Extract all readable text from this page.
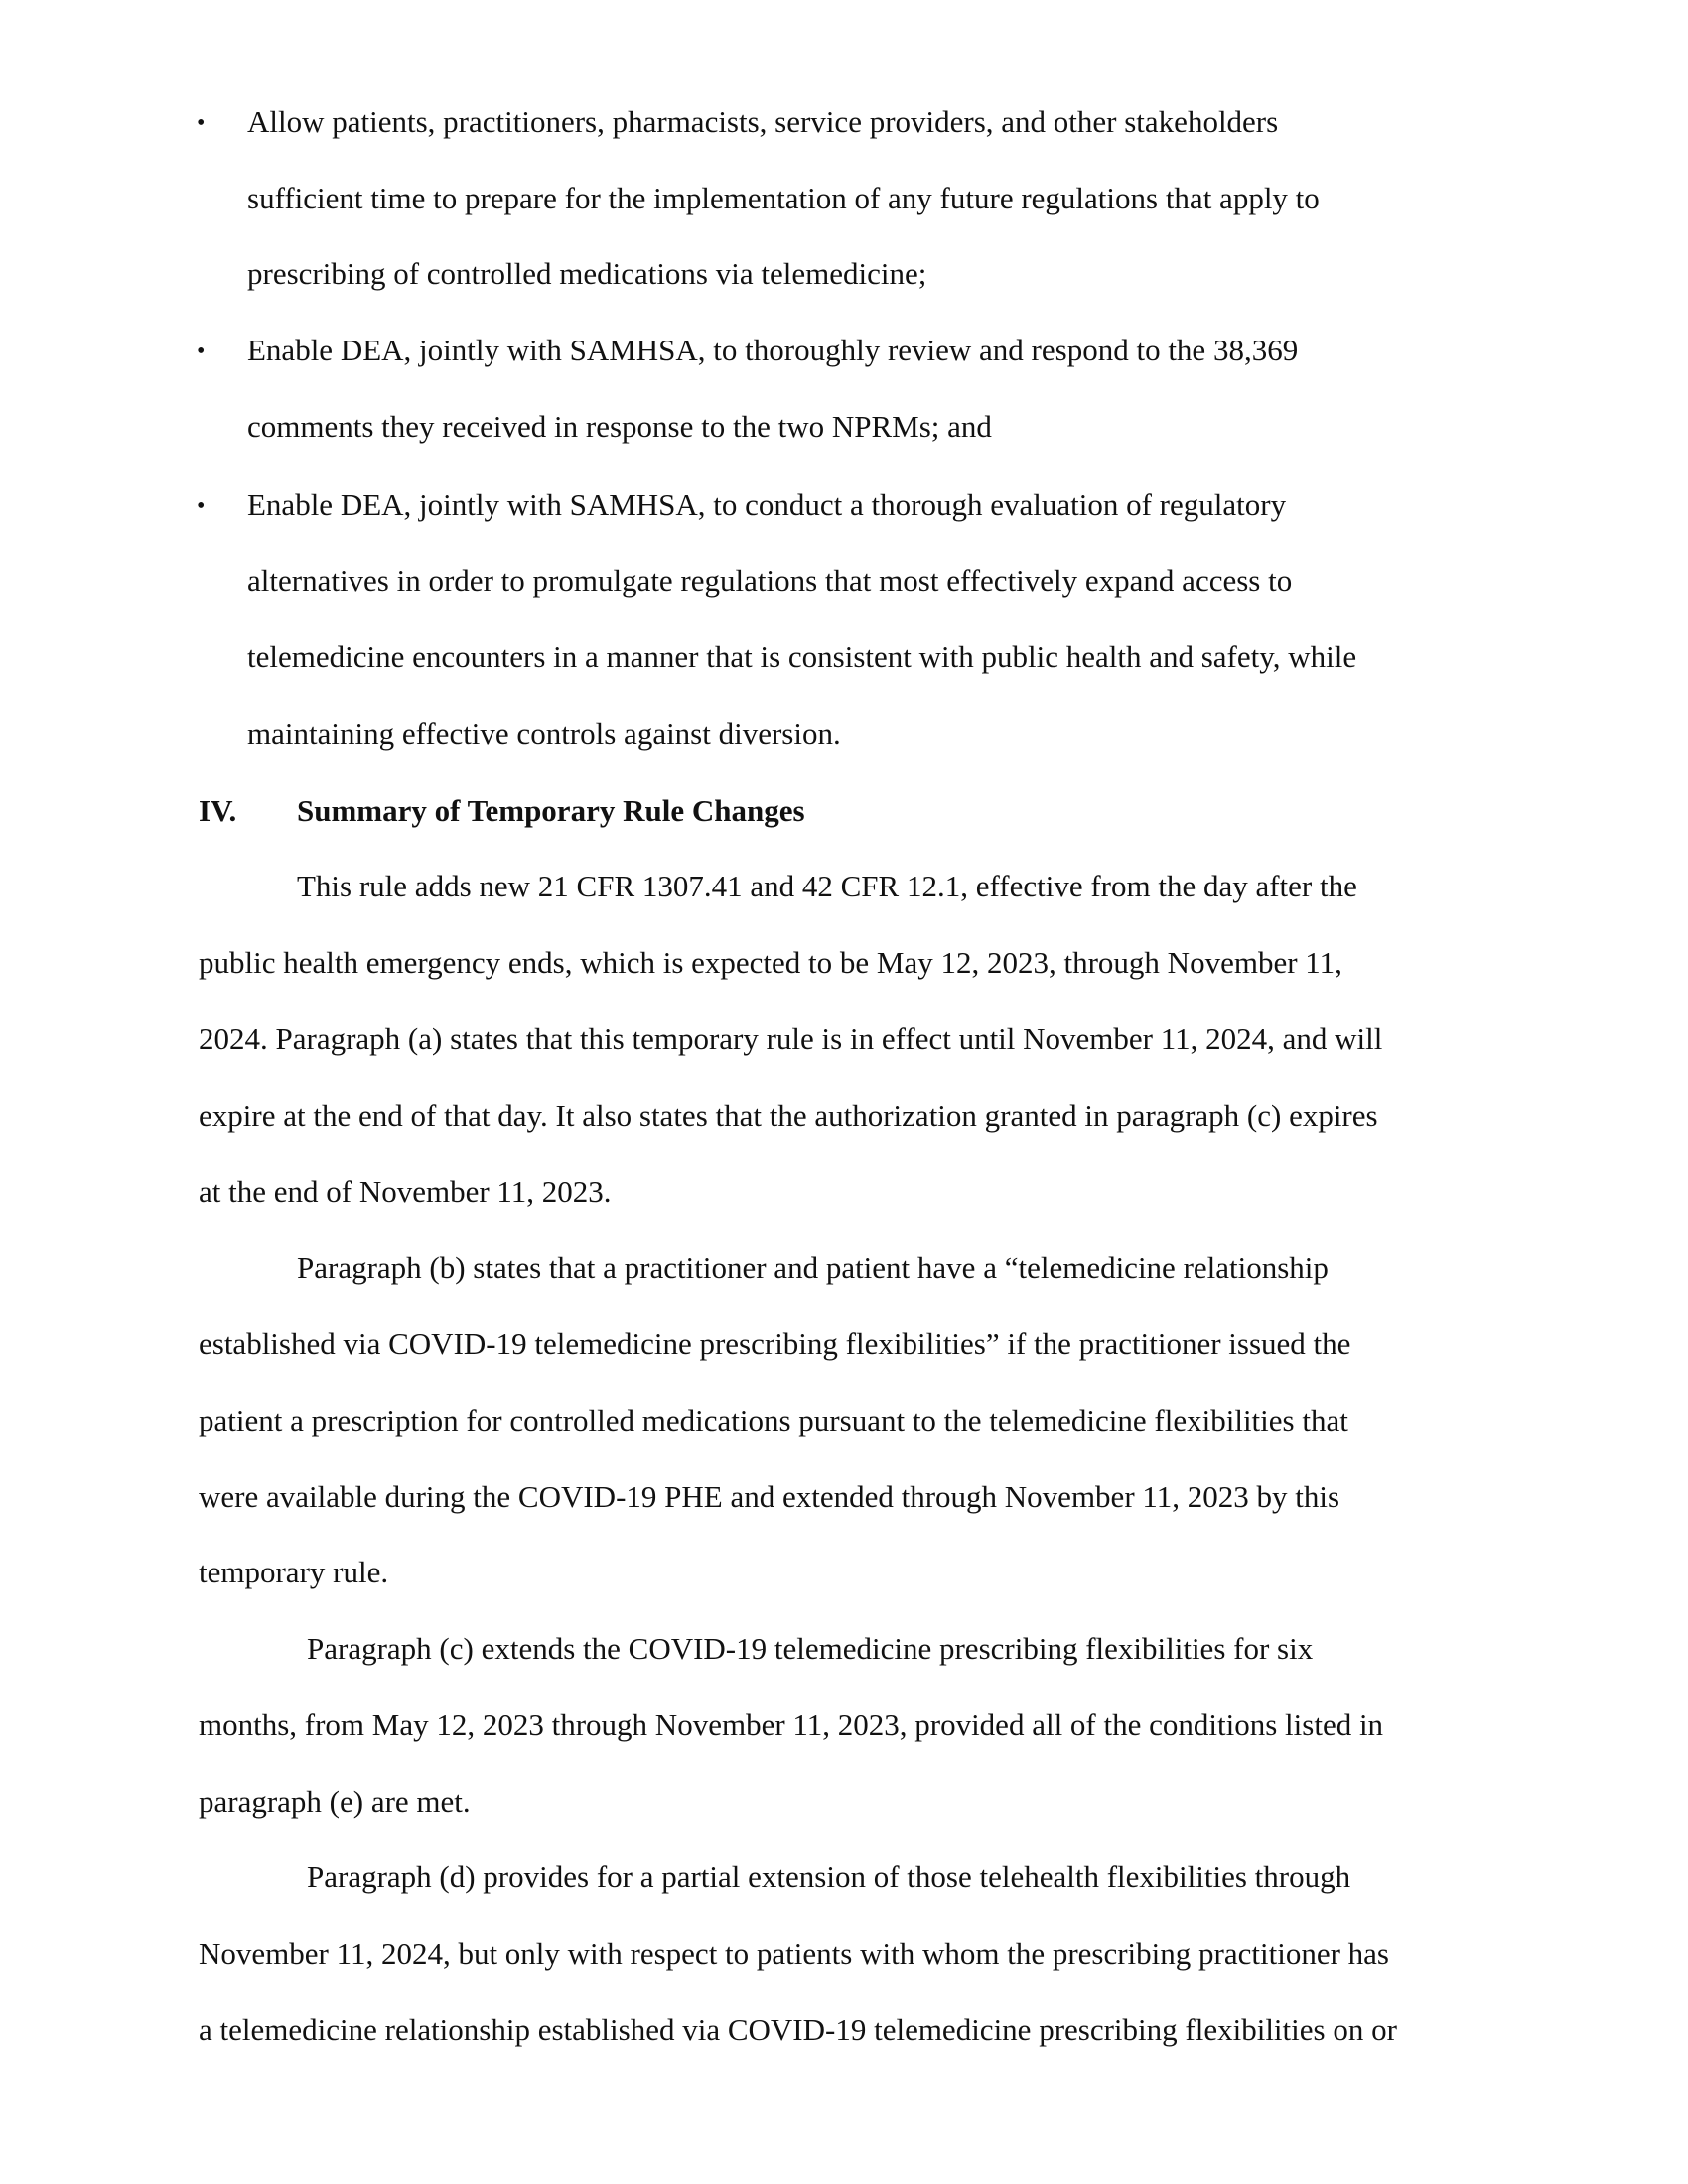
• Allow patients, practitioners, pharmacists, service providers, and other stakeholders
sufficient time to prepare for the implementation of any future regulations that apply to
prescribing of controlled medications via telemedicine;
• Enable DEA, jointly with SAMHSA, to thoroughly review and respond to the 38,369
comments they received in response to the two NPRMs; and
• Enable DEA, jointly with SAMHSA, to conduct a thorough evaluation of regulatory
alternatives in order to promulgate regulations that most effectively expand access to
telemedicine encounters in a manner that is consistent with public health and safety, while
maintaining effective controls against diversion.
IV. Summary of Temporary Rule Changes
This rule adds new 21 CFR 1307.41 and 42 CFR 12.1, effective from the day after the
public health emergency ends, which is expected to be May 12, 2023, through November 11,
2024. Paragraph (a) states that this temporary rule is in effect until November 11, 2024, and will
expire at the end of that day. It also states that the authorization granted in paragraph (c) expires
at the end of November 11, 2023.
Paragraph (b) states that a practitioner and patient have a “telemedicine relationship
established via COVID-19 telemedicine prescribing flexibilities” if the practitioner issued the
patient a prescription for controlled medications pursuant to the telemedicine flexibilities that
were available during the COVID-19 PHE and extended through November 11, 2023 by this
temporary rule.
Paragraph (c) extends the COVID-19 telemedicine prescribing flexibilities for six
months, from May 12, 2023 through November 11, 2023, provided all of the conditions listed in
paragraph (e) are met.
Paragraph (d) provides for a partial extension of those telehealth flexibilities through
November 11, 2024, but only with respect to patients with whom the prescribing practitioner has
a telemedicine relationship established via COVID-19 telemedicine prescribing flexibilities on or
